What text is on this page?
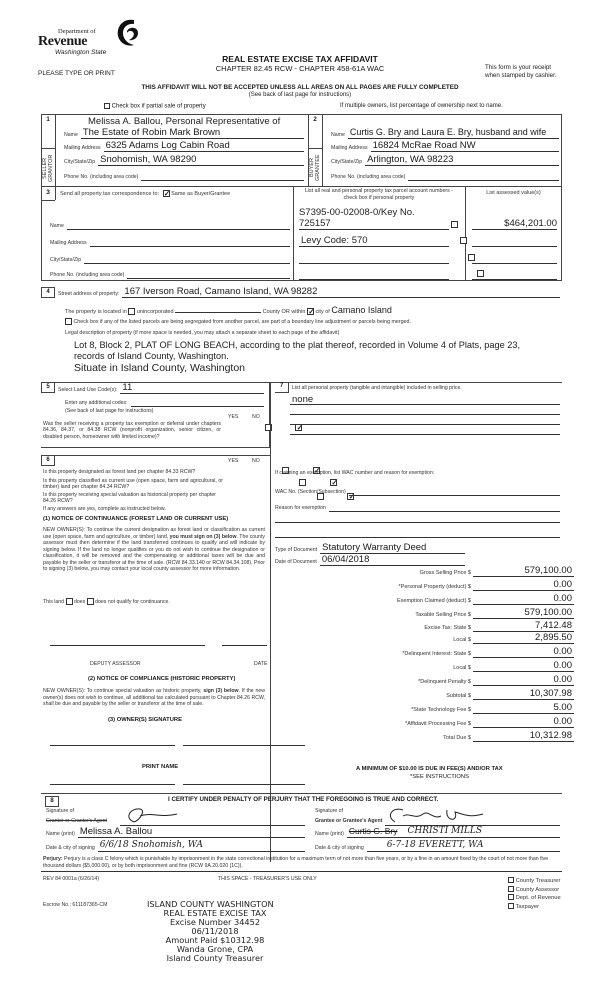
Department of
Revenue
Washington State
PLEASE TYPE OR PRINT
REAL ESTATE EXCISE TAX AFFIDAVIT
CHAPTER 82.45 RCW - CHAPTER 458-61A WAC	This form is your receipt
when stamped by cashier.
THIS AFFIDAVIT WILL NOT BE ACCEPTED UNLESS ALL AREAS ON ALL PAGES ARE FULLY COMPLETED
(See back of last page for instructions)
Check box if partial sale of property	If multiple owners, list percentage of ownership next to name.
1
SELLER
GRANTOR
Melissa A. Ballou, Personal Representative of
Name The Estate of Robin Mark Brown
Mailing Address 6325 Adams Log Cabin Road
City/State/Zip Snohomish, WA 98290
Phone No. (including area code)
2
BUYER
GRANTEE
Name Curtis G. Bry and Laura E. Bry, husband and wife
Mailing Address 16824 McRae Road NW
City/State/Zip Arlington, WA 98223
Phone No. (including area code)
3	Send all property tax correspondence to: ✓ Same as Buyer/Grantee	List all real and personal property tax parcel account numbers - check box if personal property
List assessed value(s)
Name
Mailing Address
City/State/Zip
Phone No. (including area code)
S7395-00-02008-0/Key No.
725157
	$464,201.00
Levy Code: 570

4	Street address of property: 167 Iverson Road, Camano Island, WA 98282
The property is located in unincorporated	County OR within ✓ city of Camano Island
Check box if any of the listed parcels are being segregated from another parcel, are part of a boundary line adjustment or parcels being merged.
Legal description of property (if more space is needed, you may attach a separate sheet to each page of the affidavit)
Lot 8, Block 2, PLAT OF LONG BEACH, according to the plat thereof, recorded in Volume 4 of Plats, page 23,
records of Island County, Washington.
Situate in Island County, Washington
5	Select Land Use Code(s): 11
Enter any additional codes:
(See back of last page for instructions)
YES	NO
Was the seller receiving a property tax exemption or deferral under chapters 84.36, 84.37, or 84.38 RCW (nonprofit organization, senior citizen, or disabled person, homeowner with limited income)?
✓
7	List all personal property (tangible and intangible) included in selling price.
none
6	YES	NO
Is this property designated as forest land per chapter 84.33 RCW?
✓
Is this property classified as current use (open space, farm and agricultural, or timber) land per chapter 84.34 RCW?
✓
Is this property receiving special valuation as historical property per chapter 84.26 RCW?
✓
If any answers are yes, complete as instructed below.
(1) NOTICE OF CONTINUANCE (FOREST LAND OR CURRENT USE)
NEW OWNER(S): To continue the current designation as forest land or classification as current use (open space, farm and agriculture, or timber) land, you must sign on (3) below. The county assessor must then determine if the land transferred continues to qualify and will indicate by signing below. If the land no longer qualifies or you do not wish to continue the designation or classification, it will be removed and the compensating or additional taxes will be due and payable by the seller or transferor at the time of sale. (RCW 84.33.140 or RCW 84.34.108). Prior to signing (3) below, you may contact your local county assessor for more information.
This land does does not qualify for continuance.
DEPUTY ASSESSOR	DATE
(2) NOTICE OF COMPLIANCE (HISTORIC PROPERTY)
NEW OWNER(S): To continue special valuation as historic property, sign (3) below. If the new owner(s) does not wish to continue, all additional tax calculated pursuant to Chapter 84.26 RCW, shall be due and payable by the seller or transferor at the time of sale.
(3) OWNER(S) SIGNATURE
PRINT NAME
If claiming an exemption, list WAC number and reason for exemption:
WAC No. (Section/Subsection)
Reason for exemption
Type of Document Statutory Warranty Deed
Date of Document 06/04/2018
Gross Selling Price $	579,100.00
*Personal Property (deduct) $	0.00
Exemption Claimed (deduct) $	0.00
Taxable Selling Price $	579,100.00
Excise Tax: State $	7,412.48
Local $	2,895.50
*Delinquent Interest: State $	0.00
Local $	0.00
*Delinquent Penalty $	0.00
Subtotal $	10,307.98
*State Technology Fee $	5.00
*Affidavit Processing Fee $	0.00
Total Due $	10,312.98
A MINIMUM OF $10.00 IS DUE IN FEE(S) AND/OR TAX
*SEE INSTRUCTIONS
8	I CERTIFY UNDER PENALTY OF PERJURY THAT THE FOREGOING IS TRUE AND CORRECT.
Signature of
Grantor or Grantor's Agent
Name (print) Melissa A. Ballou
Date & city of signing 6/6/18 Snohomish, WA
Signature of
Grantee or Grantee's Agent
Name (print) Curtis G. Bry CHRISTI MILLS
Date & city of signing	6-7-18 EVERETT, WA
Perjury: Perjury is a class C felony which is punishable by imprisonment in the state correctional institution for a maximum term of not more than five years, or by a fine in an amount fixed by the court of not more than five thousand dollars ($5,000.00), or by both imprisonment and fine (RCW 9A.20.020 (1C)).
REV 84 0001a (6/26/14)	THIS SPACE - TREASURER'S USE ONLY
Escrow No.: 611187365-CM
County Treasurer
County Assessor
Dept. of Revenue
Taxpayer
ISLAND COUNTY WASHINGTON
REAL ESTATE EXCISE TAX
Excise Number 34452
06/11/2018
Amount Paid $10312.98
Wanda Grone, CPA
Island County Treasurer
